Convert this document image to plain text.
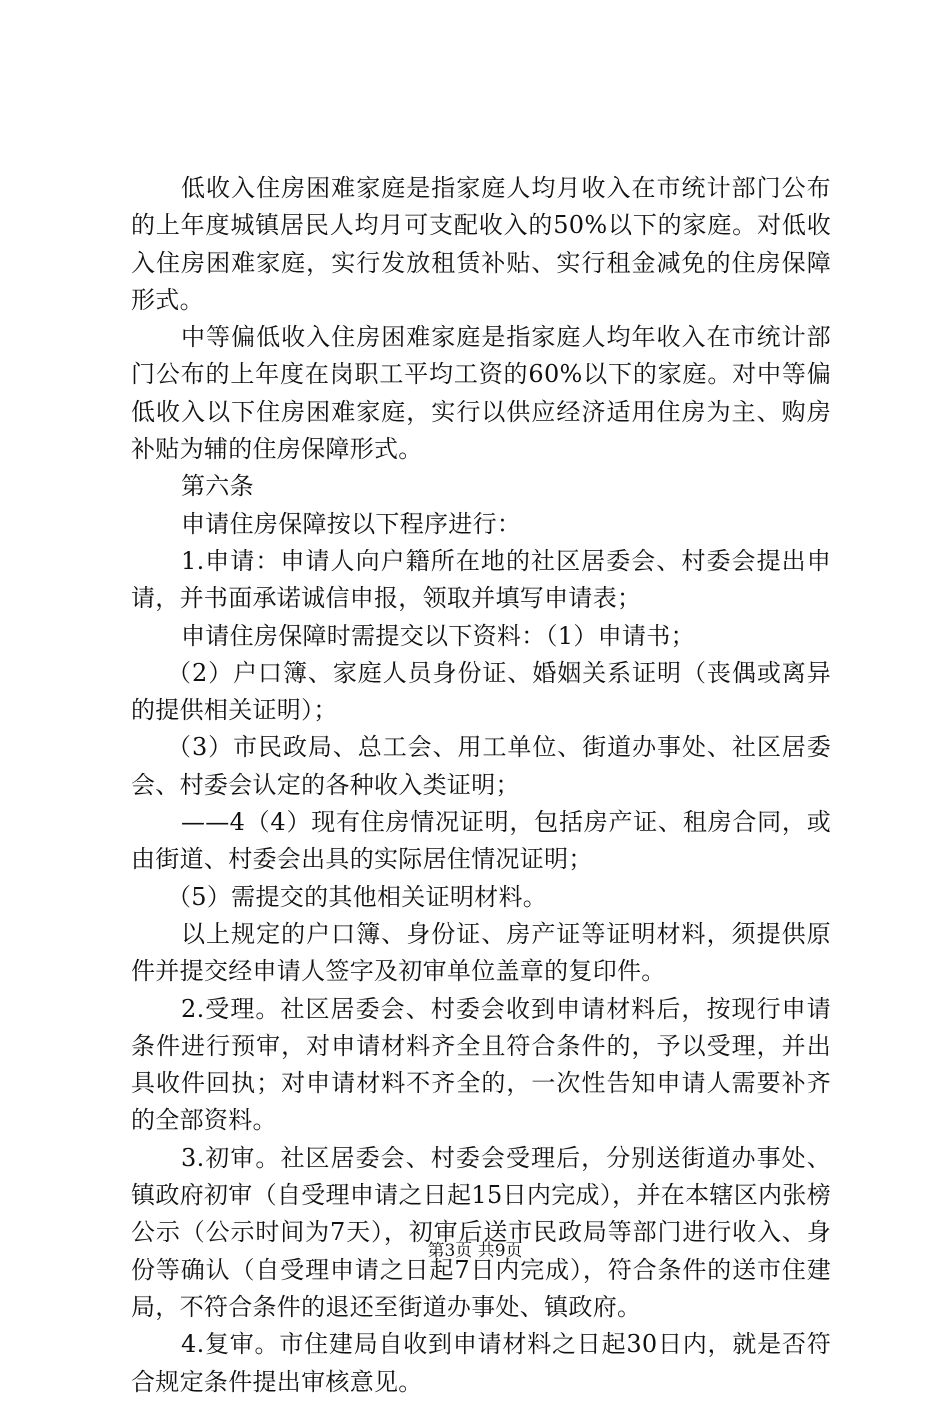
低收入住房困难家庭是指家庭人均月收入在市统计部门公布的上年度城镇居民人均月可支配收入的50%以下的家庭。对低收入住房困难家庭，实行发放租赁补贴、实行租金减免的住房保障形式。

中等偏低收入住房困难家庭是指家庭人均年收入在市统计部门公布的上年度在岗职工平均工资的60%以下的家庭。对中等偏低收入以下住房困难家庭，实行以供应经济适用住房为主、购房补贴为辅的住房保障形式。

第六条

申请住房保障按以下程序进行：

1.申请：申请人向户籍所在地的社区居委会、村委会提出申请，并书面承诺诚信申报，领取并填写申请表；

申请住房保障时需提交以下资料：（1）申请书；

（2）户口簿、家庭人员身份证、婚姻关系证明（丧偶或离异的提供相关证明）；

（3）市民政局、总工会、用工单位、街道办事处、社区居委会、村委会认定的各种收入类证明；

——4（4）现有住房情况证明，包括房产证、租房合同，或由街道、村委会出具的实际居住情况证明；

（5）需提交的其他相关证明材料。

以上规定的户口簿、身份证、房产证等证明材料，须提供原件并提交经申请人签字及初审单位盖章的复印件。

2.受理。社区居委会、村委会收到申请材料后，按现行申请条件进行预审，对申请材料齐全且符合条件的，予以受理，并出具收件回执；对申请材料不齐全的，一次性告知申请人需要补齐的全部资料。

3.初审。社区居委会、村委会受理后，分别送街道办事处、镇政府初审（自受理申请之日起15日内完成），并在本辖区内张榜公示（公示时间为7天），初审后送市民政局等部门进行收入、身份等确认（自受理申请之日起7日内完成），符合条件的送市住建局，不符合条件的退还至街道办事处、镇政府。

4.复审。市住建局自收到申请材料之日起30日内，就是否符合规定条件提出审核意见。

第3页 共9页
